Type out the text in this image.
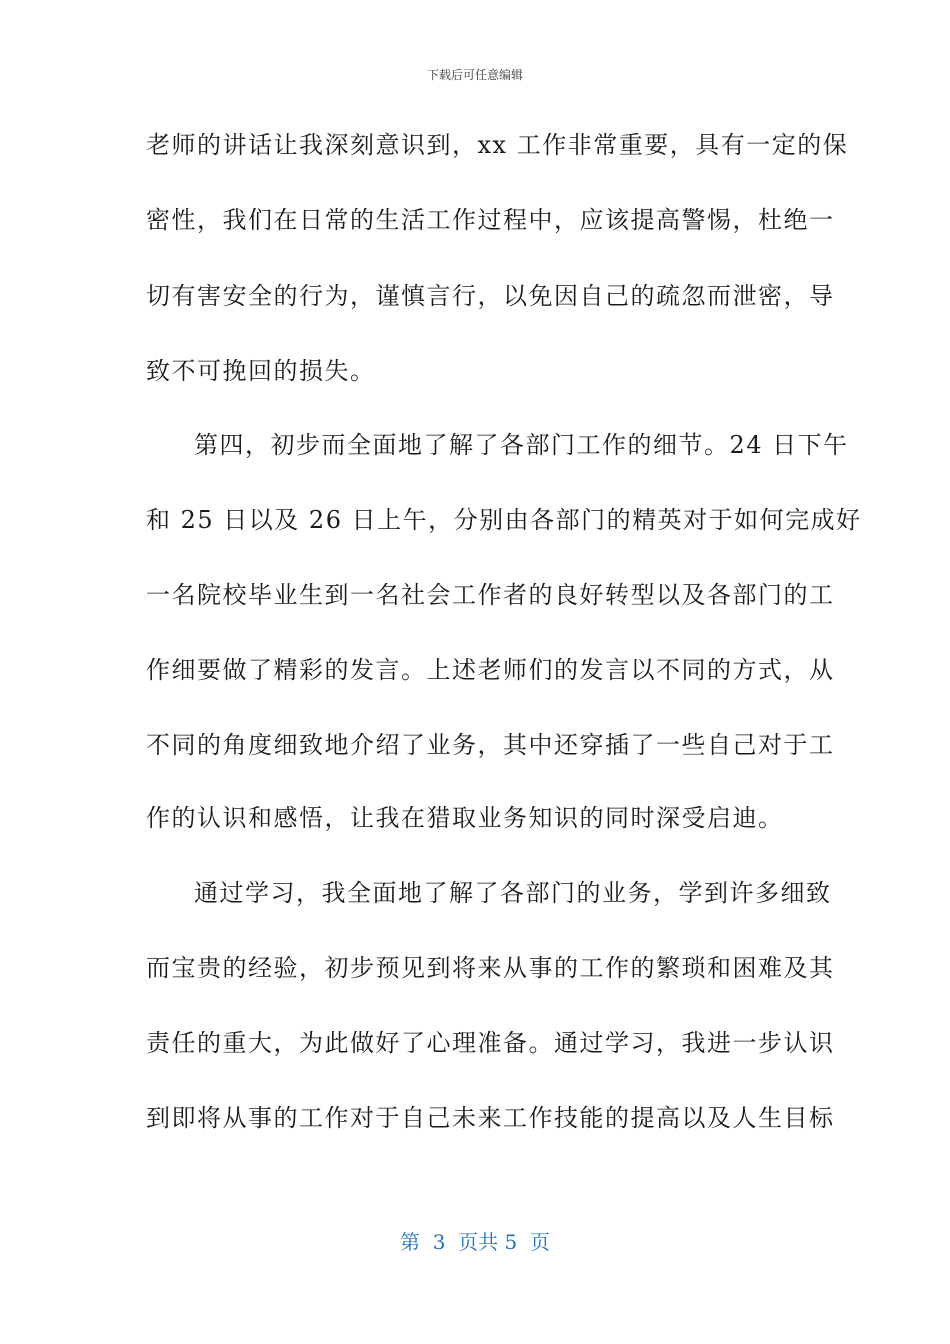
下载后可任意编辑
老师的讲话让我深刻意识到，xx 工作非常重要，具有一定的保
密性，我们在日常的生活工作过程中，应该提高警惕，杜绝一
切有害安全的行为，谨慎言行，以免因自己的疏忽而泄密，导
致不可挽回的损失。
第四，初步而全面地了解了各部门工作的细节。24 日下午
和 25 日以及 26 日上午，分别由各部门的精英对于如何完成好
一名院校毕业生到一名社会工作者的良好转型以及各部门的工
作细要做了精彩的发言。上述老师们的发言以不同的方式，从
不同的角度细致地介绍了业务，其中还穿插了一些自己对于工
作的认识和感悟，让我在猎取业务知识的同时深受启迪。
通过学习，我全面地了解了各部门的业务，学到许多细致
而宝贵的经验，初步预见到将来从事的工作的繁琐和困难及其
责任的重大，为此做好了心理准备。通过学习，我进一步认识
到即将从事的工作对于自己未来工作技能的提高以及人生目标
第  3  页共 5  页
